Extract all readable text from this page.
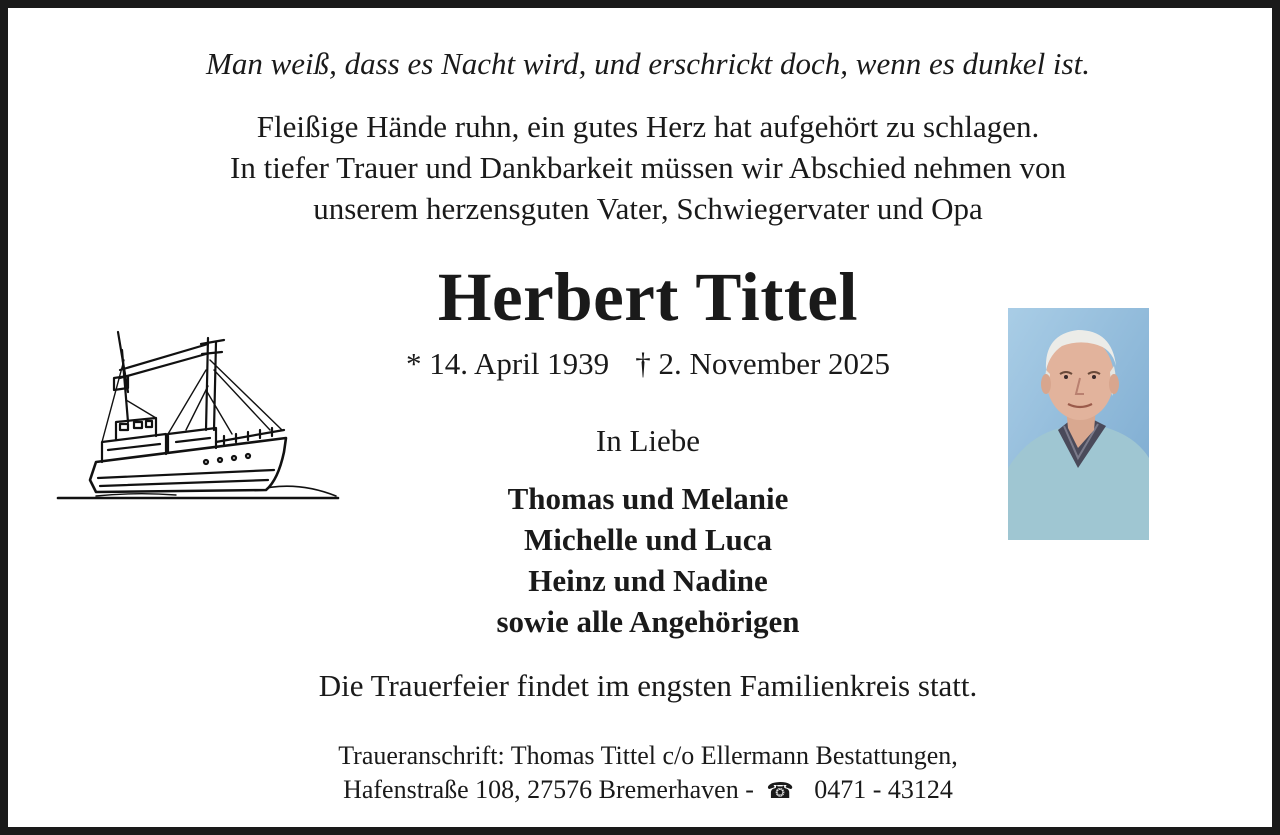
Man weiß, dass es Nacht wird, und erschrickt doch, wenn es dunkel ist.
Fleißige Hände ruhn, ein gutes Herz hat aufgehört zu schlagen.
In tiefer Trauer und Dankbarkeit müssen wir Abschied nehmen von
unserem herzensguten Vater, Schwiegervater und Opa
Herbert Tittel
* 14. April 1939 † 2. November 2025
In Liebe
Thomas und Melanie
Michelle und Luca
Heinz und Nadine
sowie alle Angehörigen
Die Trauerfeier findet im engsten Familienkreis statt.
Traueranschrift: Thomas Tittel c/o Ellermann Bestattungen,
Hafenstraße 108, 27576 Bremerhaven - ☎ 0471 - 43124
